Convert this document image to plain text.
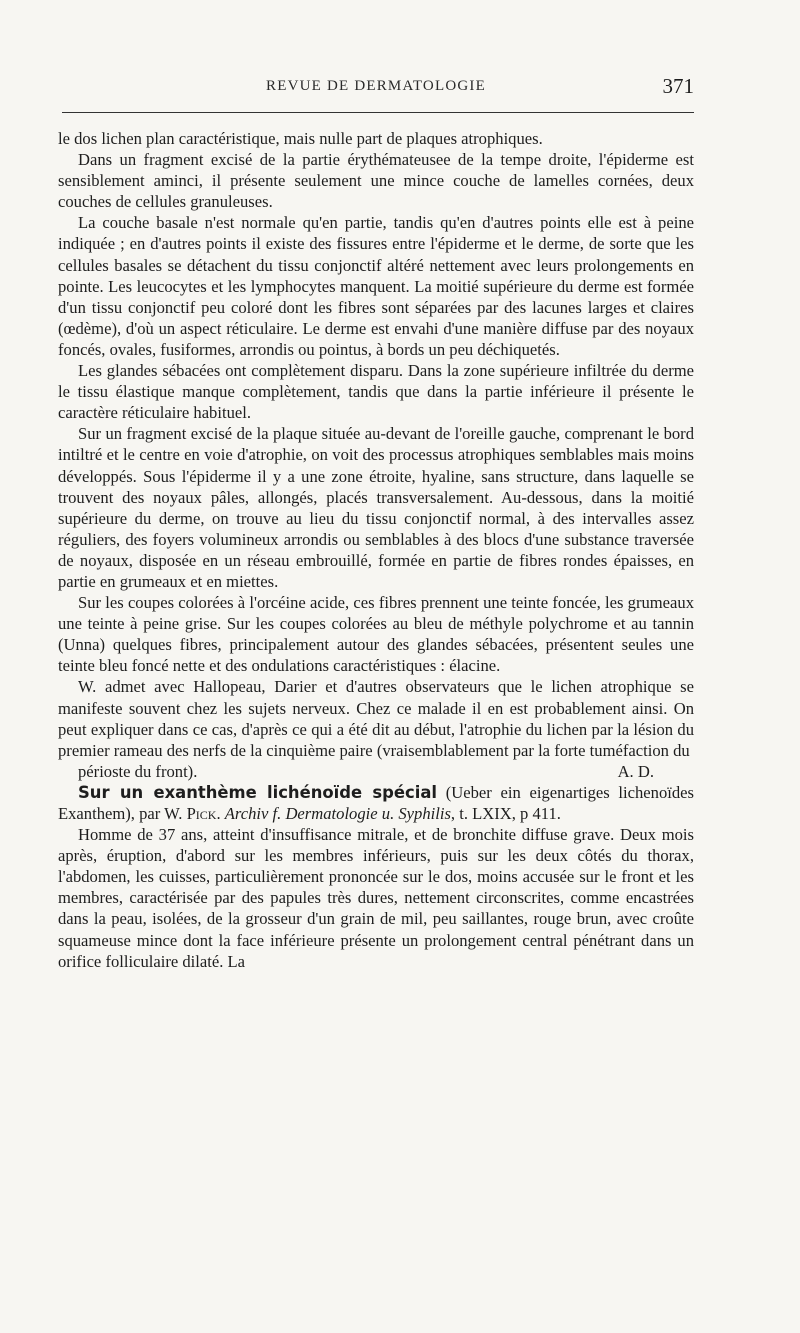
REVUE DE DERMATOLOGIE	371

le dos lichen plan caractéristique, mais nulle part de plaques atrophiques.

Dans un fragment excisé de la partie érythémateusee de la tempe droite, l'épiderme est sensiblement aminci, il présente seulement une mince couche de lamelles cornées, deux couches de cellules granuleuses.

La couche basale n'est normale qu'en partie, tandis qu'en d'autres points elle est à peine indiquée ; en d'autres points il existe des fissures entre l'épiderme et le derme, de sorte que les cellules basales se détachent du tissu conjonctif altéré nettement avec leurs prolongements en pointe. Les leucocytes et les lymphocytes manquent. La moitié supérieure du derme est formée d'un tissu conjonctif peu coloré dont les fibres sont séparées par des lacunes larges et claires (œdème), d'où un aspect réticulaire. Le derme est envahi d'une manière diffuse par des noyaux foncés, ovales, fusiformes, arrondis ou pointus, à bords un peu déchiquetés.

Les glandes sébacées ont complètement disparu. Dans la zone supérieure infiltrée du derme le tissu élastique manque complètement, tandis que dans la partie inférieure il présente le caractère réticulaire habituel.

Sur un fragment excisé de la plaque située au-devant de l'oreille gauche, comprenant le bord intiltré et le centre en voie d'atrophie, on voit des processus atrophiques semblables mais moins développés. Sous l'épiderme il y a une zone étroite, hyaline, sans structure, dans laquelle se trouvent des noyaux pâles, allongés, placés transversalement. Au-dessous, dans la moitié supérieure du derme, on trouve au lieu du tissu conjonctif normal, à des intervalles assez réguliers, des foyers volumineux arrondis ou semblables à des blocs d'une substance traversée de noyaux, disposée en un réseau embrouillé, formée en partie de fibres rondes épaisses, en partie en grumeaux et en miettes.

Sur les coupes colorées à l'orcéine acide, ces fibres prennent une teinte foncée, les grumeaux une teinte à peine grise. Sur les coupes colorées au bleu de méthyle polychrome et au tannin (Unna) quelques fibres, principalement autour des glandes sébacées, présentent seules une teinte bleu foncé nette et des ondulations caractéristiques : élacine.

W. admet avec Hallopeau, Darier et d'autres observateurs que le lichen atrophique se manifeste souvent chez les sujets nerveux. Chez ce malade il en est probablement ainsi. On peut expliquer dans ce cas, d'après ce qui a été dit au début, l'atrophie du lichen par la lésion du premier rameau des nerfs de la cinquième paire (vraisemblablement par la forte tuméfaction du

périoste du front).	A. D.

Sur un exanthème lichénoïde spécial (Ueber ein eigenartiges lichenoïdes Exanthem), par W. Pick. Archiv f. Dermatologie u. Syphilis, t. LXIX, p 411.

Homme de 37 ans, atteint d'insuffisance mitrale, et de bronchite diffuse grave. Deux mois après, éruption, d'abord sur les membres inférieurs, puis sur les deux côtés du thorax, l'abdomen, les cuisses, particulièrement prononcée sur le dos, moins accusée sur le front et les membres, caractérisée par des papules très dures, nettement circonscrites, comme encastrées dans la peau, isolées, de la grosseur d'un grain de mil, peu saillantes, rouge brun, avec croûte squameuse mince dont la face inférieure présente un prolongement central pénétrant dans un orifice folliculaire dilaté. La
